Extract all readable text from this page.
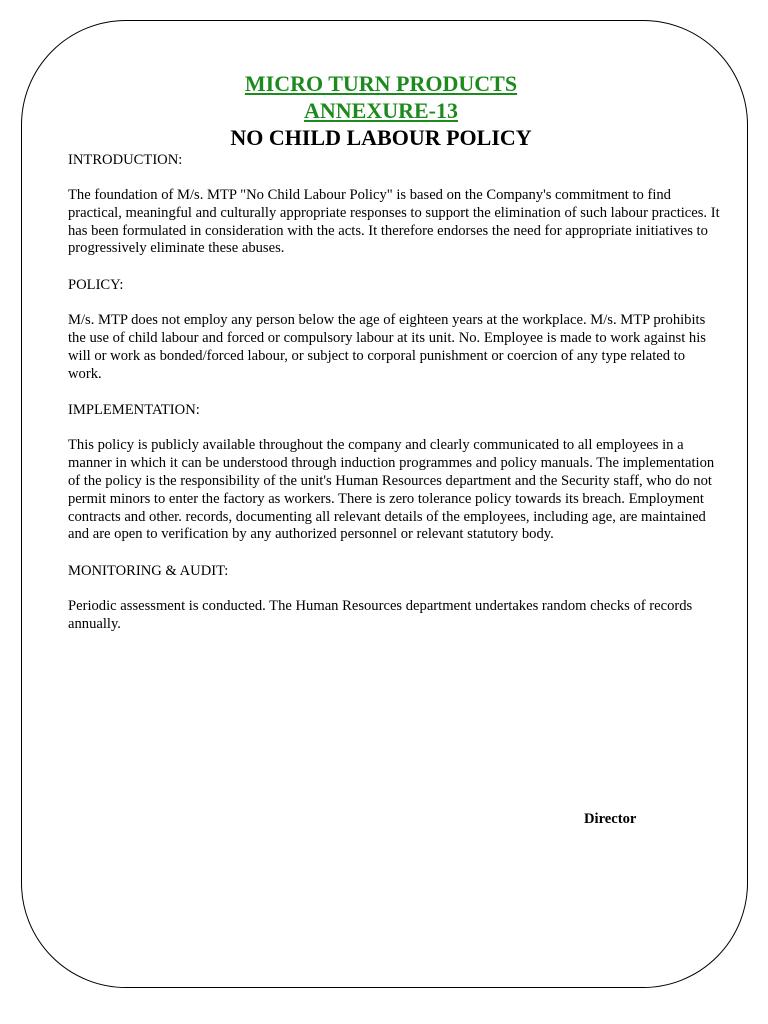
MICRO TURN PRODUCTS
ANNEXURE-13
NO CHILD LABOUR POLICY

INTRODUCTION:

The foundation of M/s. MTP "No Child Labour Policy" is based on the Company's commitment to find practical, meaningful and culturally appropriate responses to support the elimination of such labour practices. It has been formulated in consideration with the acts. It therefore endorses the need for appropriate initiatives to progressively eliminate these abuses.

POLICY:

M/s. MTP does not employ any person below the age of eighteen years at the workplace. M/s. MTP prohibits the use of child labour and forced or compulsory labour at its unit. No. Employee is made to work against his will or work as bonded/forced labour, or subject to corporal punishment or coercion of any type related to work.

IMPLEMENTATION:

This policy is publicly available throughout the company and clearly communicated to all employees in a manner in which it can be understood through induction programmes and policy manuals. The implementation of the policy is the responsibility of the unit's Human Resources department and the Security staff, who do not permit minors to enter the factory as workers. There is zero tolerance policy towards its breach. Employment contracts and other. records, documenting all relevant details of the employees, including age, are maintained and are open to verification by any authorized personnel or relevant statutory body.

MONITORING & AUDIT:

Periodic assessment is conducted. The Human Resources department undertakes random checks of records annually.

Director
